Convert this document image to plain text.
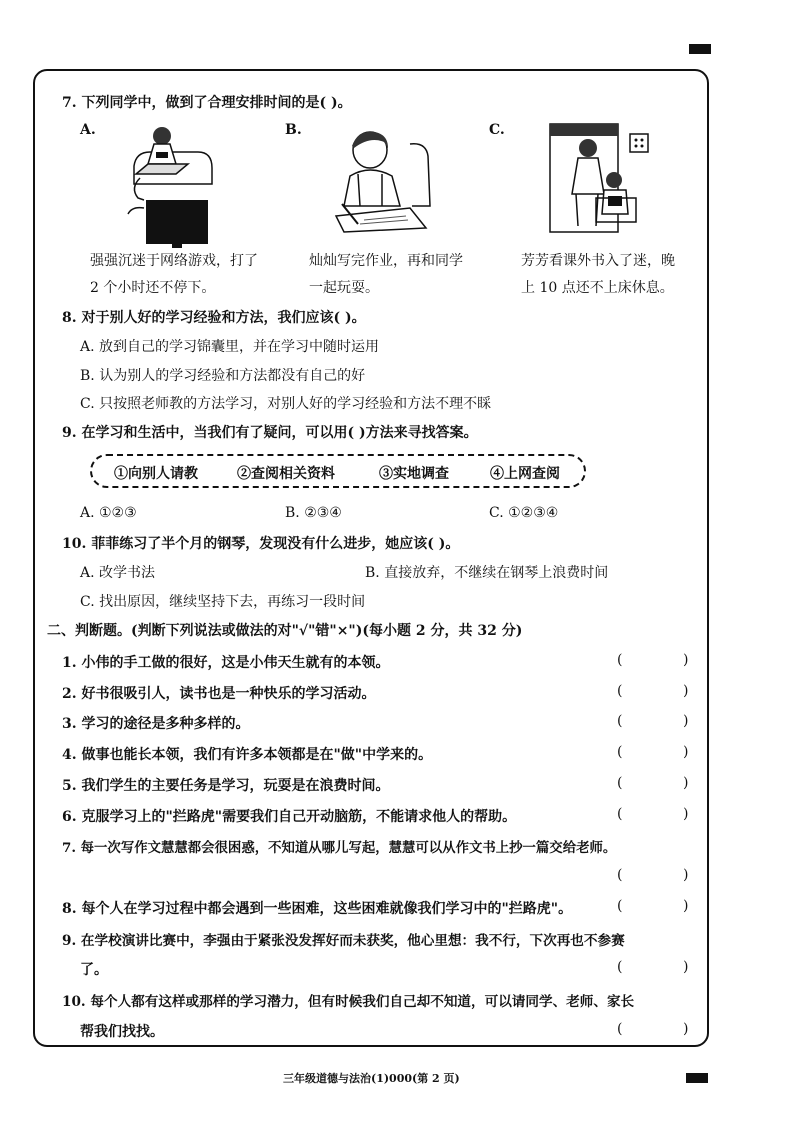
7. 下列同学中，做到了合理安排时间的是( )。
A.	B.	C.
强强沉迷于网络游戏，打了
2 个小时还不停下。
灿灿写完作业，再和同学
一起玩耍。
芳芳看课外书入了迷，晚
上 10 点还不上床休息。
8. 对于别人好的学习经验和方法，我们应该( )。
A. 放到自己的学习锦囊里，并在学习中随时运用
B. 认为别人的学习经验和方法都没有自己的好
C. 只按照老师教的方法学习，对别人好的学习经验和方法不理不睬
9. 在学习和生活中，当我们有了疑问，可以用( )方法来寻找答案。
①向别人请教	②查阅相关资料	③实地调查	④上网查阅
A. ①②③	B. ②③④	C. ①②③④
10. 菲菲练习了半个月的钢琴，发现没有什么进步，她应该( )。
A. 改学书法	B. 直接放弃，不继续在钢琴上浪费时间
C. 找出原因，继续坚持下去，再练习一段时间
二、判断题。(判断下列说法或做法的对"√"错"×")(每小题 2 分，共 32 分)
1. 小伟的手工做的很好，这是小伟天生就有的本领。	(	)
2. 好书很吸引人，读书也是一种快乐的学习活动。	(	)
3. 学习的途径是多种多样的。	(	)
4. 做事也能长本领，我们有许多本领都是在"做"中学来的。	(	)
5. 我们学生的主要任务是学习，玩耍是在浪费时间。	(	)
6. 克服学习上的"拦路虎"需要我们自己开动脑筋，不能请求他人的帮助。	(	)
7. 每一次写作文慧慧都会很困惑，不知道从哪儿写起，慧慧可以从作文书上抄一篇交给老师。
(	)
8. 每个人在学习过程中都会遇到一些困难，这些困难就像我们学习中的"拦路虎"。	(	)
9. 在学校演讲比赛中，李强由于紧张没发挥好而未获奖，他心里想：我不行，下次再也不参赛
了。	(	)
10. 每个人都有这样或那样的学习潜力，但有时候我们自己却不知道，可以请同学、老师、家长
帮我们找找。	(	)
三年级道德与法治(1)000(第 2 页)
